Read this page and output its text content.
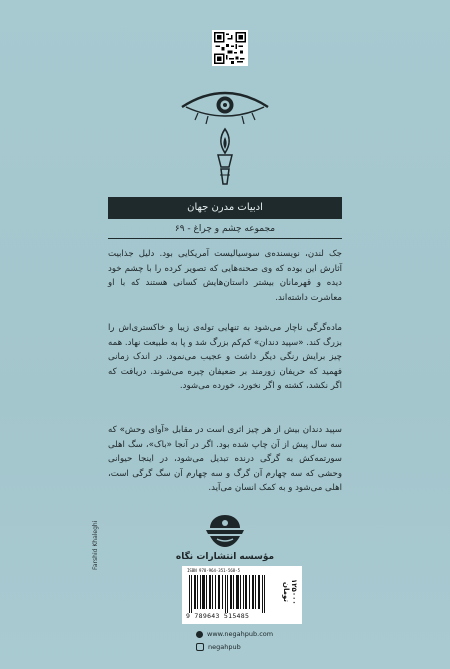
ادبیات مدرن جهان
مجموعه چشم و چراغ - ۶۹
جک لندن، نویسنده‌ی سوسیالیست آمریکایی بود. دلیل جذابیت آثارش این بوده که وی صحنه‌هایی که تصویر کرده را با چشم خود دیده و قهرمانان بیشتر داستان‌هایش کسانی هستند که با او معاشرت داشته‌اند.
ماده‌گرگی ناچار می‌شود به تنهایی توله‌ی زیبا و خاکستری‌اش را بزرگ کند. «سپید دندان» کم‌کم بزرگ شد و پا به طبیعت نهاد. همه چیز برایش رنگی دیگر داشت و عجیب می‌نمود. در اندک زمانی فهمید که حریفان زورمند بر ضعیفان چیره می‌شوند. دریافت که اگر نکشد، کشته و اگر نخورد، خورده می‌شود.
سپید دندان بیش از هر چیز اثری است در مقابل «آوای وحش» که سه سال پیش از آن چاپ شده بود. اگر در آنجا «باک»، سگ اهلی سورتمه‌کش به گرگی درنده تبدیل می‌شود، در اینجا حیوانی وحشی که سه چهارم آن گرگ و سه چهارم آن سگ گرگی است، اهلی می‌شود و به کمک انسان می‌آید.
مؤسسه انتشارات نگاه
Farshid Khaleghi
ISBN 978-964-351-568-5
9 789643 515485
۱۲۵۰۰۰ تومان
www.negahpub.com
negahpub
